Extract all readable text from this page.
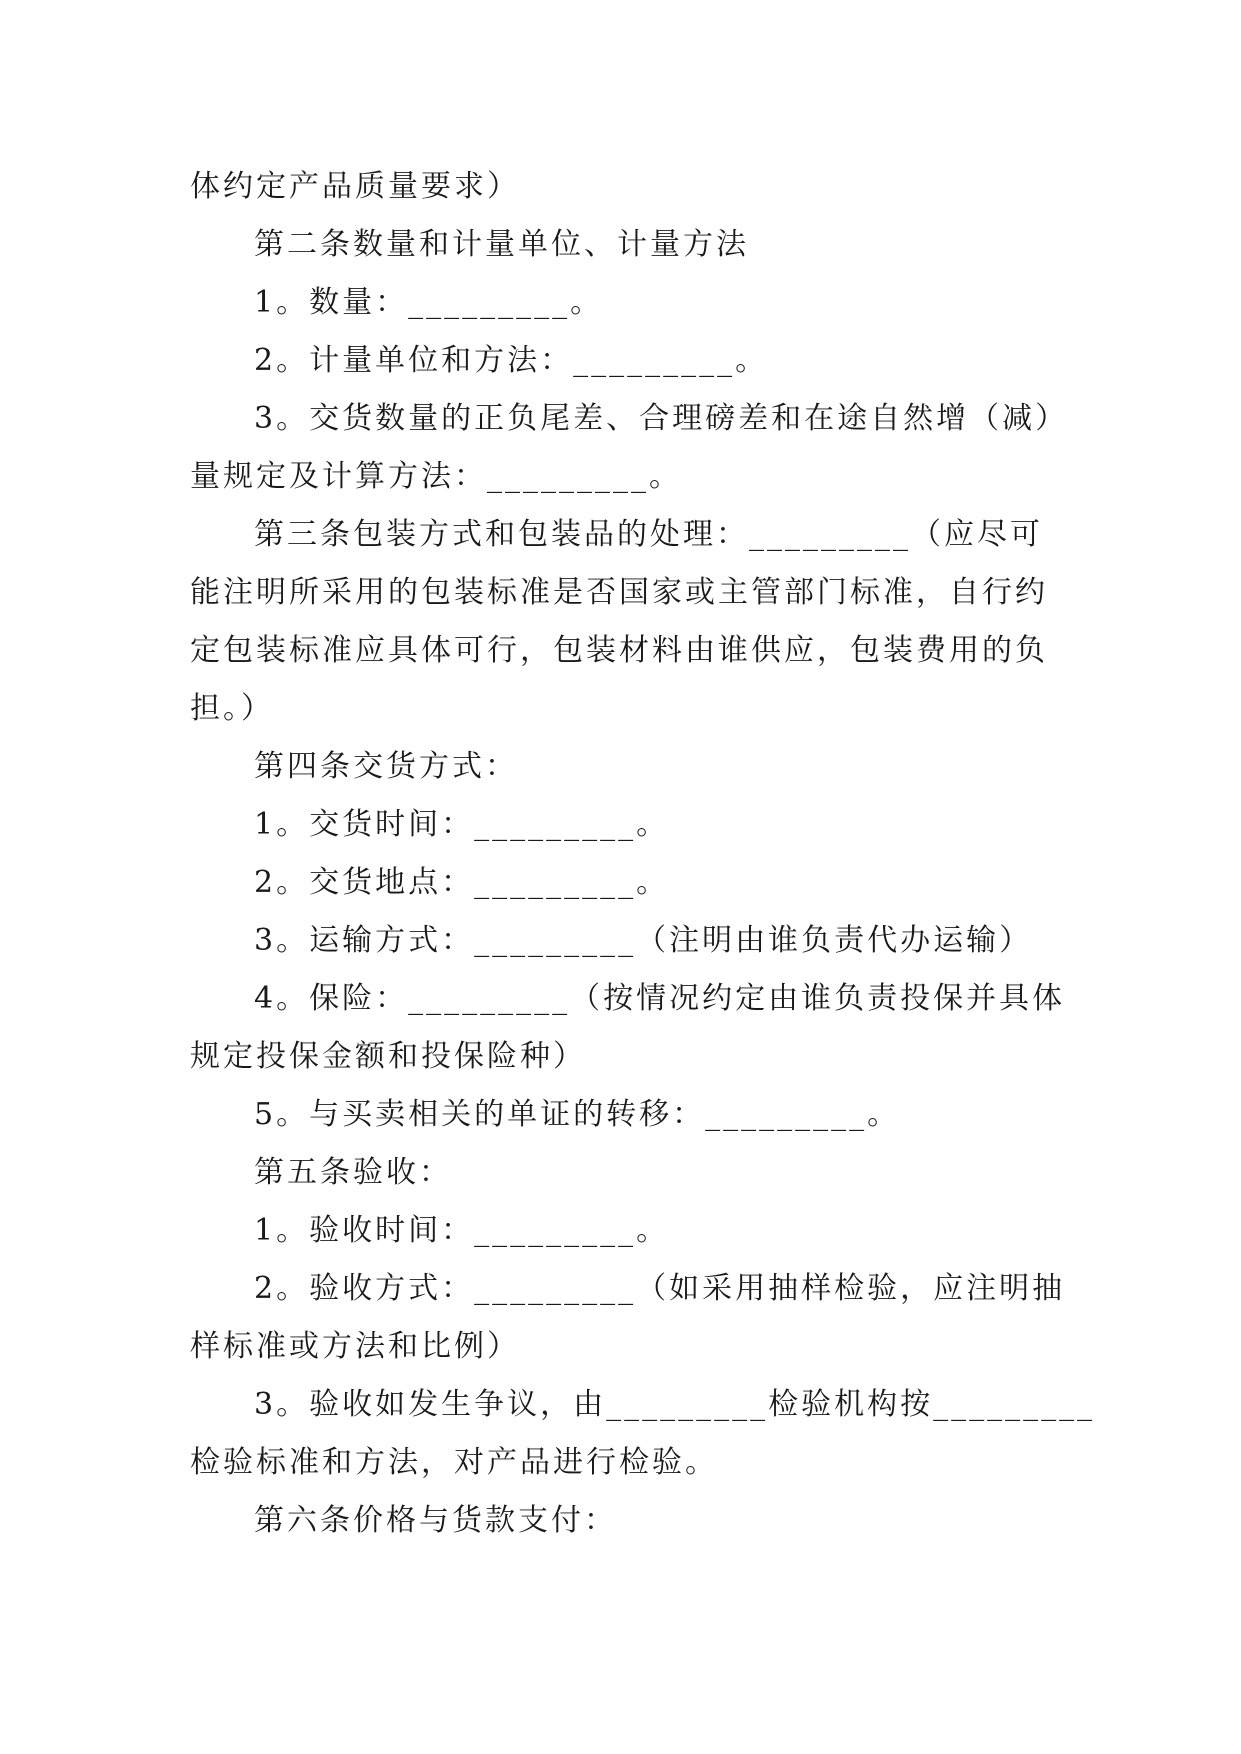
体约定产品质量要求）

第二条数量和计量单位、计量方法

1。数量：_________。

2。计量单位和方法：_________。

3。交货数量的正负尾差、合理磅差和在途自然增（减）

量规定及计算方法：_________。

第三条包装方式和包装品的处理：_________（应尽可

能注明所采用的包装标准是否国家或主管部门标准，自行约

定包装标准应具体可行，包装材料由谁供应，包装费用的负

担。）

第四条交货方式：

1。交货时间：_________。

2。交货地点：_________。

3。运输方式：_________（注明由谁负责代办运输）

4。保险：_________（按情况约定由谁负责投保并具体

规定投保金额和投保险种）

5。与买卖相关的单证的转移：_________。

第五条验收：

1。验收时间：_________。

2。验收方式：_________（如采用抽样检验，应注明抽

样标准或方法和比例）

3。验收如发生争议，由_________检验机构按_________

检验标准和方法，对产品进行检验。

第六条价格与货款支付：
